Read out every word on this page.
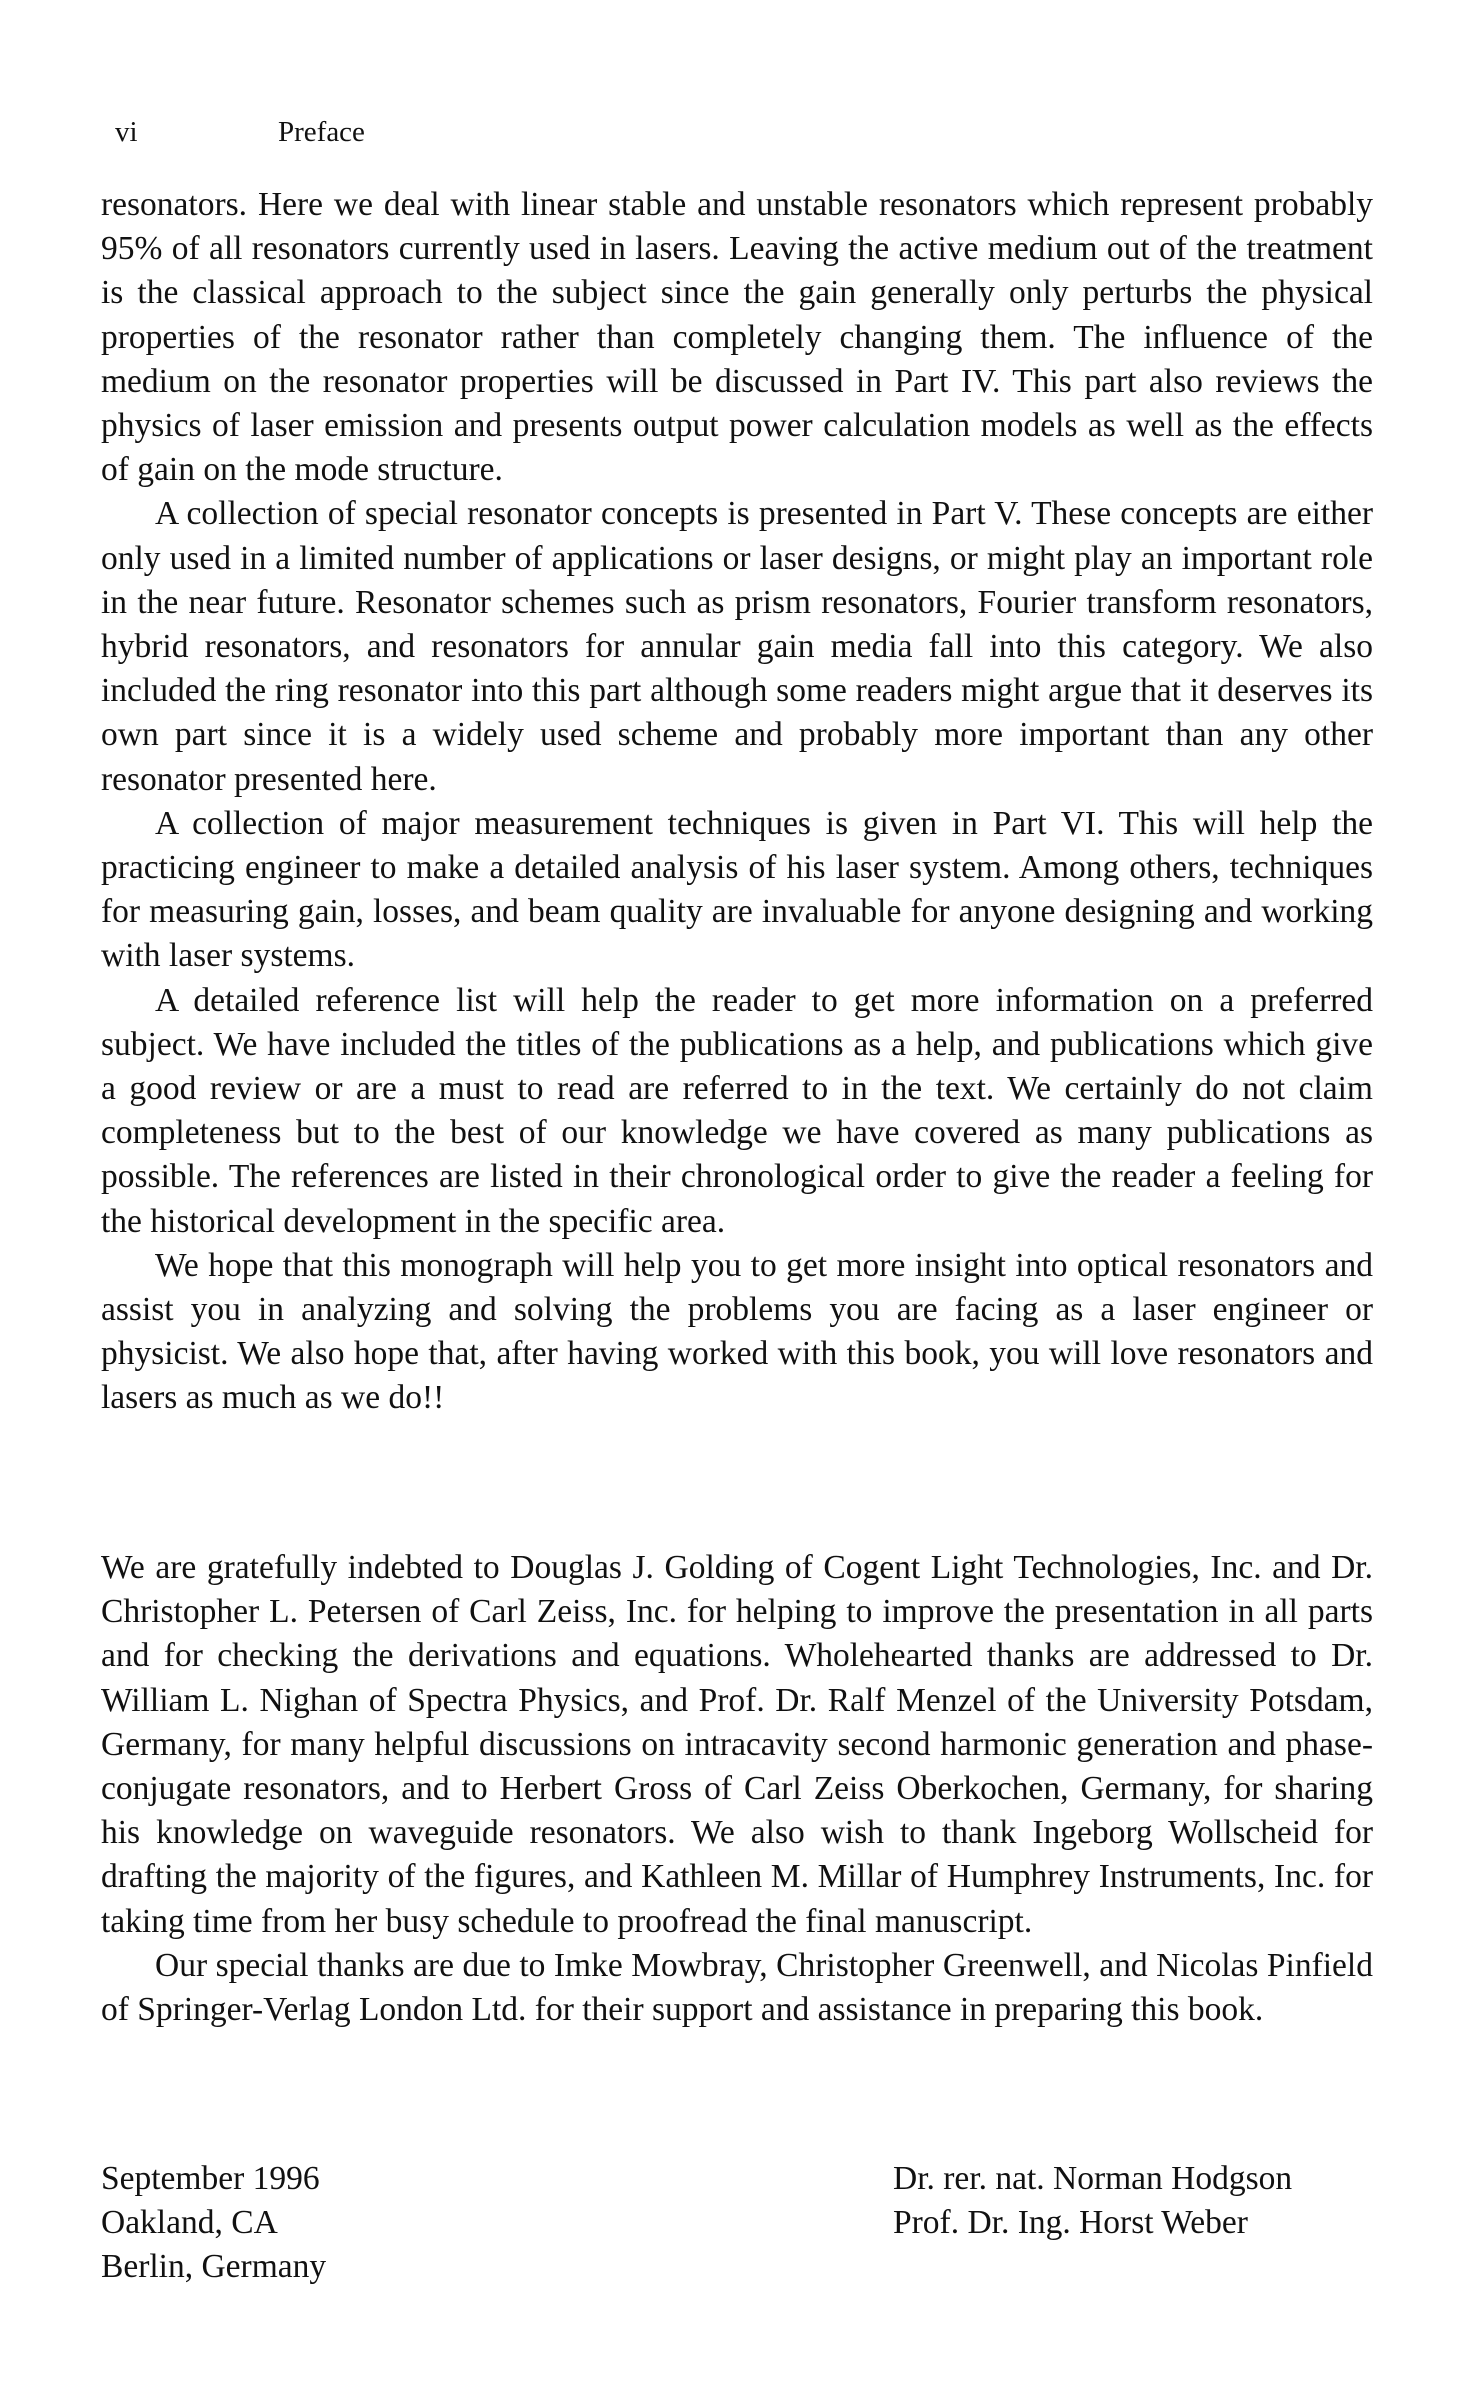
vi	Preface

resonators. Here we deal with linear stable and unstable resonators which represent probably 95% of all resonators currently used in lasers. Leaving the active medium out of the treatment is the classical approach to the subject since the gain generally only perturbs the physical properties of the resonator rather than completely changing them. The influence of the medium on the resonator properties will be discussed in Part IV. This part also reviews the physics of laser emission and presents output power calculation models as well as the effects of gain on the mode structure.

A collection of special resonator concepts is presented in Part V. These concepts are either only used in a limited number of applications or laser designs, or might play an important role in the near future. Resonator schemes such as prism resonators, Fourier transform resonators, hybrid resonators, and resonators for annular gain media fall into this category. We also included the ring resonator into this part although some readers might argue that it deserves its own part since it is a widely used scheme and probably more important than any other resonator presented here.

A collection of major measurement techniques is given in Part VI. This will help the practicing engineer to make a detailed analysis of his laser system. Among others, techniques for measuring gain, losses, and beam quality are invaluable for anyone designing and working with laser systems.

A detailed reference list will help the reader to get more information on a preferred subject. We have included the titles of the publications as a help, and publications which give a good review or are a must to read are referred to in the text. We certainly do not claim completeness but to the best of our knowledge we have covered as many publications as possible. The references are listed in their chronological order to give the reader a feeling for the historical development in the specific area.

We hope that this monograph will help you to get more insight into optical resonators and assist you in analyzing and solving the problems you are facing as a laser engineer or physicist. We also hope that, after having worked with this book, you will love resonators and lasers as much as we do!!

We are gratefully indebted to Douglas J. Golding of Cogent Light Technologies, Inc. and Dr. Christopher L. Petersen of Carl Zeiss, Inc. for helping to improve the presentation in all parts and for checking the derivations and equations. Wholehearted thanks are addressed to Dr. William L. Nighan of Spectra Physics, and Prof. Dr. Ralf Menzel of the University Potsdam, Germany, for many helpful discussions on intracavity second harmonic generation and phase-conjugate resonators, and to Herbert Gross of Carl Zeiss Oberkochen, Germany, for sharing his knowledge on waveguide resonators. We also wish to thank Ingeborg Wollscheid for drafting the majority of the figures, and Kathleen M. Millar of Humphrey Instruments, Inc. for taking time from her busy schedule to proofread the final manuscript.

Our special thanks are due to Imke Mowbray, Christopher Greenwell, and Nicolas Pinfield of Springer-Verlag London Ltd. for their support and assistance in preparing this book.

September 1996
Oakland, CA
Berlin, Germany
Dr. rer. nat. Norman Hodgson
Prof. Dr. Ing. Horst Weber
